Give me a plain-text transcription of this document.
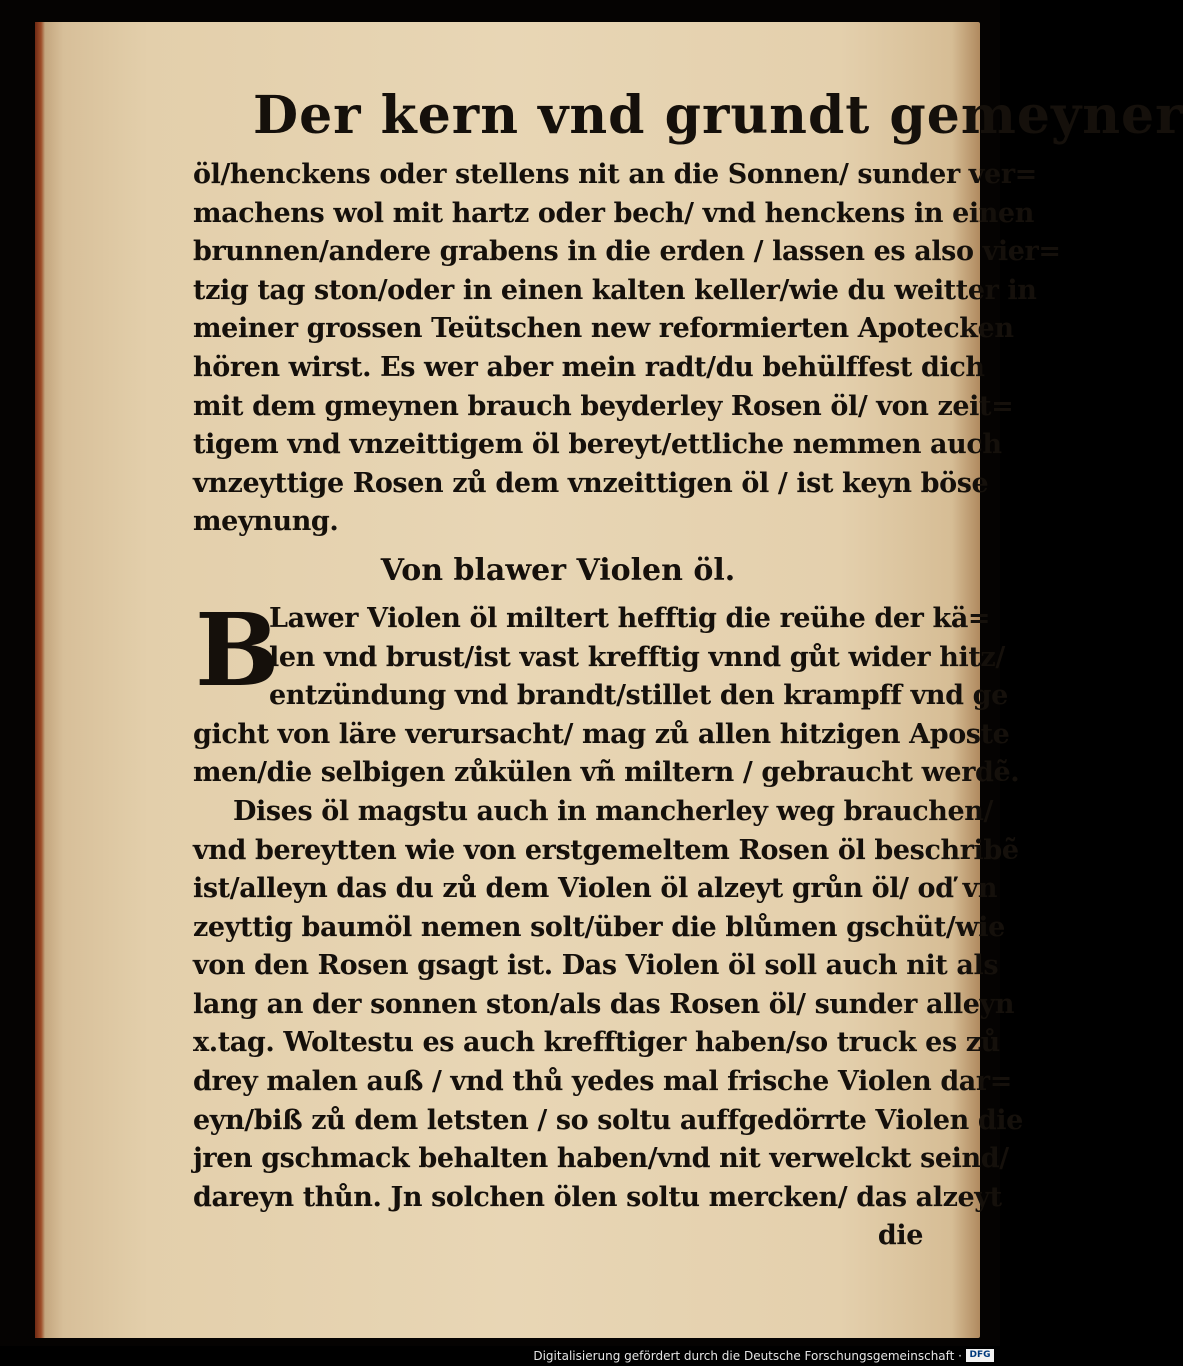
Der kern vnd grundt gemeyner
öl/henckens oder stellens nit an die Sonnen/ sunder ver=
machens wol mit hartz oder bech/ vnd henckens in einen
brunnen/andere grabens in die erden / lassen es also vier=
tzig tag ston/oder in einen kalten keller/wie du weitter in
meiner grossen Teütschen new reformierten Apotecken
hören wirst. Es wer aber mein radt/du behülffest dich
mit dem gmeynen brauch beyderley Rosen öl/ von zeit=
tigem vnd vnzeittigem öl bereyt/ettliche nemmen auch
vnzeyttige Rosen zů dem vnzeittigen öl / ist keyn böse
meynung.
Von blawer Violen öl.
B
Lawer Violen öl miltert hefftig die reühe der kä=
len vnd brust/ist vast krefftig vnnd gůt wider hitz/
entzündung vnd brandt/stillet den krampff vnd ge
gicht von läre verursacht/ mag zů allen hitzigen Aposte
men/die selbigen zůkülen vñ miltern / gebraucht werdẽ.
Dises öl magstu auch in mancherley weg brauchen/
vnd bereytten wie von erstgemeltem Rosen öl beschribẽ
ist/alleyn das du zů dem Violen öl alzeyt grůn öl/ oď vn
zeyttig baumöl nemen solt/über die blůmen gschüt/wie
von den Rosen gsagt ist. Das Violen öl soll auch nit als
lang an der sonnen ston/als das Rosen öl/ sunder alleyn
x.tag. Woltestu es auch krefftiger haben/so truck es zů
drey malen auß / vnd thů yedes mal frische Violen dar=
eyn/biß zů dem letsten / so soltu auffgedörrte Violen die
jren gschmack behalten haben/vnd nit verwelckt seind/
dareyn thůn. Jn solchen ölen soltu mercken/ das alzeyt
die
Digitalisierung gefördert durch die Deutsche Forschungsgemeinschaft · DFG
